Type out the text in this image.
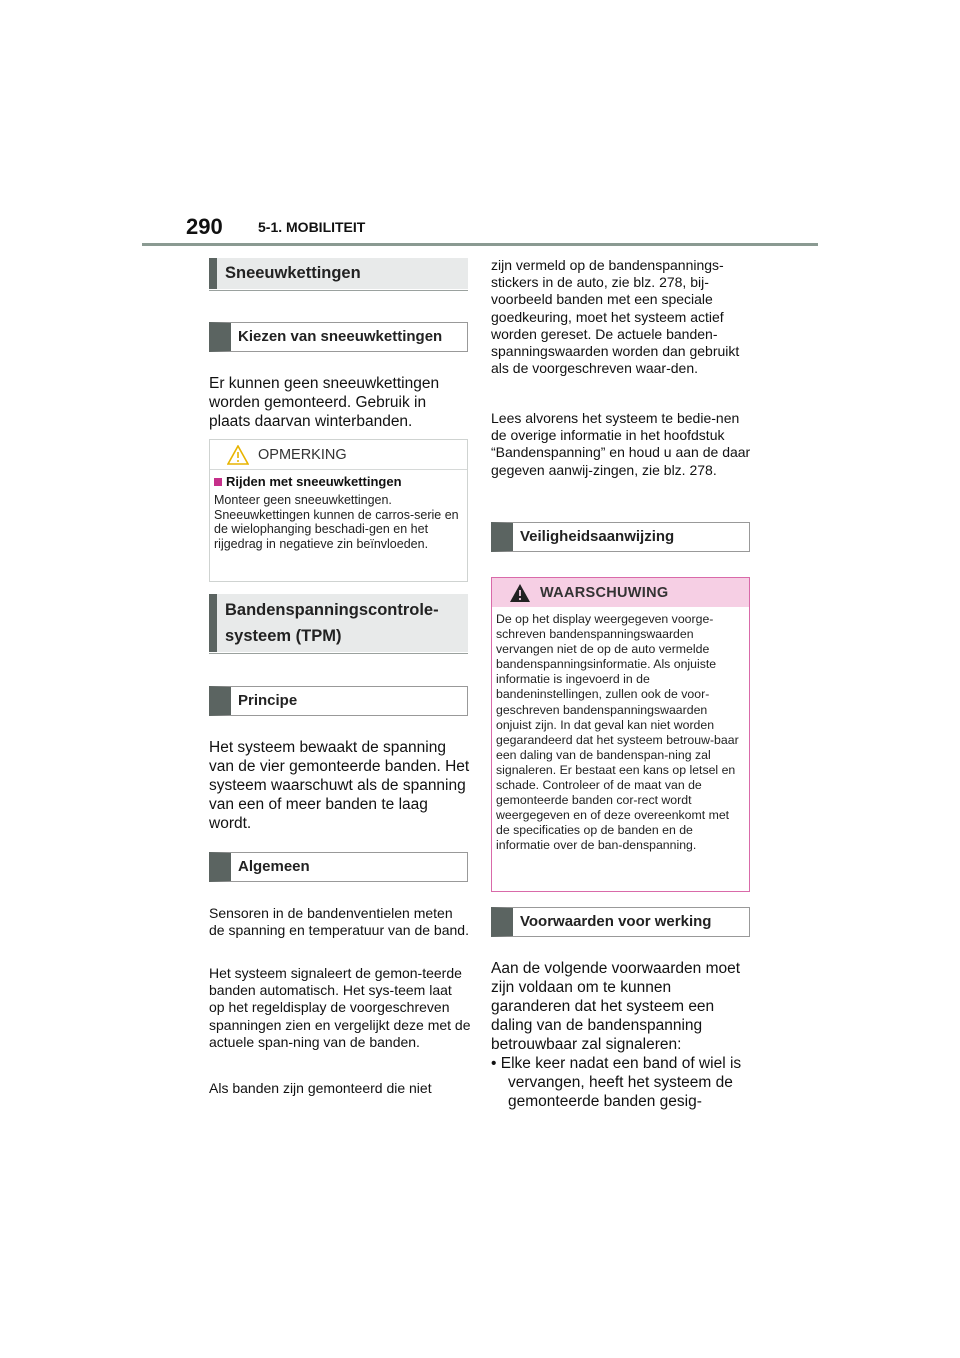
290	5-1. MOBILITEIT
Sneeuwkettingen
Kiezen van sneeuwkettingen
Er kunnen geen sneeuwkettingen worden gemonteerd. Gebruik in plaats daarvan winterbanden.
OPMERKING
Rijden met sneeuwkettingen
Monteer geen sneeuwkettingen. Sneeuwkettingen kunnen de carros-serie en de wielophanging beschadi-gen en het rijgedrag in negatieve zin beïnvloeden.
Bandenspanningscontrole-systeem (TPM)
Principe
Het systeem bewaakt de spanning van de vier gemonteerde banden. Het systeem waarschuwt als de spanning van een of meer banden te laag wordt.
Algemeen
Sensoren in de bandenventielen meten de spanning en temperatuur van de band.
Het systeem signaleert de gemon-teerde banden automatisch. Het sys-teem laat op het regeldisplay de voorgeschreven spanningen zien en vergelijkt deze met de actuele span-ning van de banden.
Als banden zijn gemonteerd die niet
zijn vermeld op de bandenspannings-stickers in de auto, zie blz. 278, bij-voorbeeld banden met een speciale goedkeuring, moet het systeem actief worden gereset. De actuele banden-spanningswaarden worden dan gebruikt als de voorgeschreven waar-den.
Lees alvorens het systeem te bedie-nen de overige informatie in het hoofdstuk “Bandenspanning” en houd u aan de daar gegeven aanwij-zingen, zie blz. 278.
Veiligheidsaanwijzing
WAARSCHUWING
De op het display weergegeven voorge-schreven bandenspanningswaarden vervangen niet de op de auto vermelde bandenspanningsinformatie. Als onjuiste informatie is ingevoerd in de bandeninstellingen, zullen ook de voor-geschreven bandenspanningswaarden onjuist zijn. In dat geval kan niet worden gegarandeerd dat het systeem betrouw-baar een daling van de bandenspan-ning zal signaleren. Er bestaat een kans op letsel en schade. Controleer of de maat van de gemonteerde banden cor-rect wordt weergegeven en of deze overeenkomt met de specificaties op de banden en de informatie over de ban-denspanning.
Voorwaarden voor werking
Aan de volgende voorwaarden moet zijn voldaan om te kunnen garanderen dat het systeem een daling van de bandenspanning betrouwbaar zal signaleren:
• Elke keer nadat een band of wiel is vervangen, heeft het systeem de gemonteerde banden gesig-
